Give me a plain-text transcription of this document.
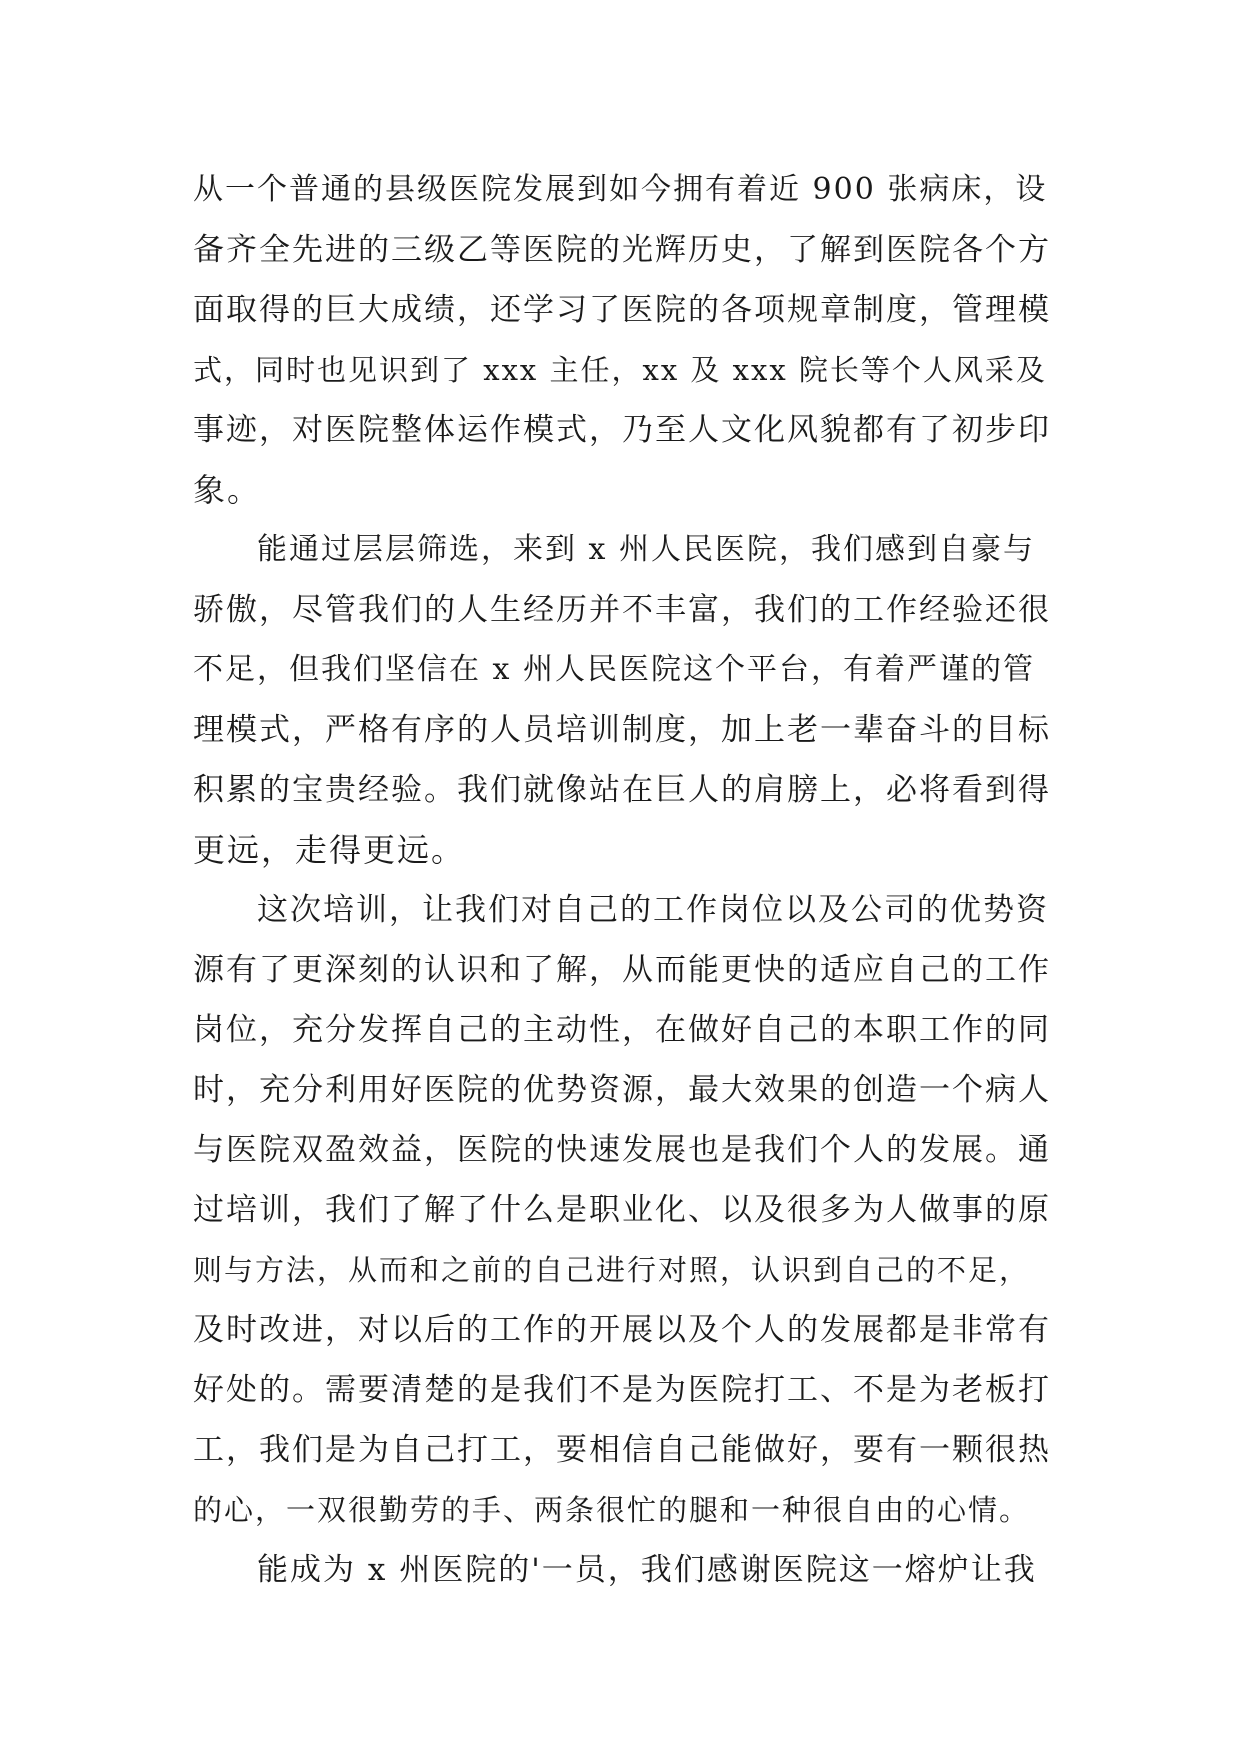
从一个普通的县级医院发展到如今拥有着近 900 张病床，设
备齐全先进的三级乙等医院的光辉历史，了解到医院各个方
面取得的巨大成绩，还学习了医院的各项规章制度，管理模
式，同时也见识到了 xxx 主任，xx 及 xxx 院长等个人风采及
事迹，对医院整体运作模式，乃至人文化风貌都有了初步印
象。
能通过层层筛选，来到 x 州人民医院，我们感到自豪与
骄傲，尽管我们的人生经历并不丰富，我们的工作经验还很
不足，但我们坚信在 x 州人民医院这个平台，有着严谨的管
理模式，严格有序的人员培训制度，加上老一辈奋斗的目标
积累的宝贵经验。我们就像站在巨人的肩膀上，必将看到得
更远，走得更远。
这次培训，让我们对自己的工作岗位以及公司的优势资
源有了更深刻的认识和了解，从而能更快的适应自己的工作
岗位，充分发挥自己的主动性，在做好自己的本职工作的同
时，充分利用好医院的优势资源，最大效果的创造一个病人
与医院双盈效益，医院的快速发展也是我们个人的发展。通
过培训，我们了解了什么是职业化、以及很多为人做事的原
则与方法，从而和之前的自己进行对照，认识到自己的不足，
及时改进，对以后的工作的开展以及个人的发展都是非常有
好处的。需要清楚的是我们不是为医院打工、不是为老板打
工，我们是为自己打工，要相信自己能做好，要有一颗很热
的心，一双很勤劳的手、两条很忙的腿和一种很自由的心情。
能成为 x 州医院的'一员，我们感谢医院这一熔炉让我
